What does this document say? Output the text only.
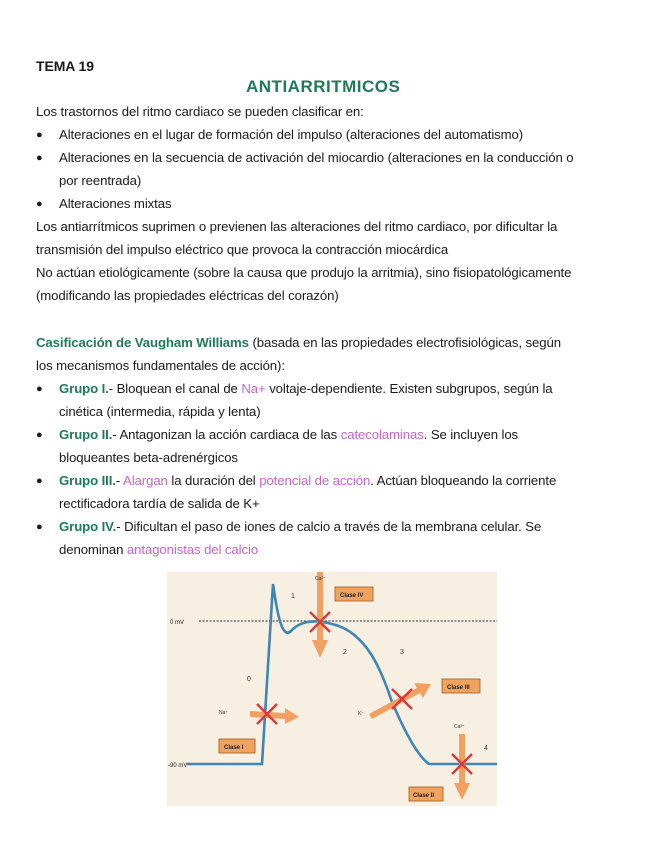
TEMA 19
ANTIARRITMICOS
Los trastornos del ritmo cardiaco se pueden clasificar en:
● Alteraciones en el lugar de formación del impulso (alteraciones del automatismo)
● Alteraciones en la secuencia de activación del miocardio (alteraciones en la conducción o
por reentrada)
● Alteraciones mixtas
Los antiarrítmicos suprimen o previenen las alteraciones del ritmo cardiaco, por dificultar la
transmisión del impulso eléctrico que provoca la contracción miocárdica
No actúan etiológicamente (sobre la causa que produjo la arritmia), sino fisiopatológicamente
(modificando las propiedades eléctricas del corazón)
Casificación de Vaugham Williams (basada en las propiedades electrofisiológicas, según
los mecanismos fundamentales de acción):
● Grupo I.- Bloquean el canal de Na+ voltaje-dependiente. Existen subgrupos, según la
cinética (intermedia, rápida y lenta)
● Grupo II.- Antagonizan la acción cardiaca de las catecolaminas. Se incluyen los
bloqueantes beta-adrenérgicos
● Grupo III.- Alargan la duración del potencial de acción. Actúan bloqueando la corriente
rectificadora tardía de salida de K+
● Grupo IV.- Dificultan el paso de iones de calcio a través de la membrana celular. Se
denominan antagonistas del calcio
0 mV
-90 mV
1
2	3
0
4
Ca²⁺
Clase IV
Na⁺
Clase I
K⁺
Clase III
Ca²⁺
Clase II
